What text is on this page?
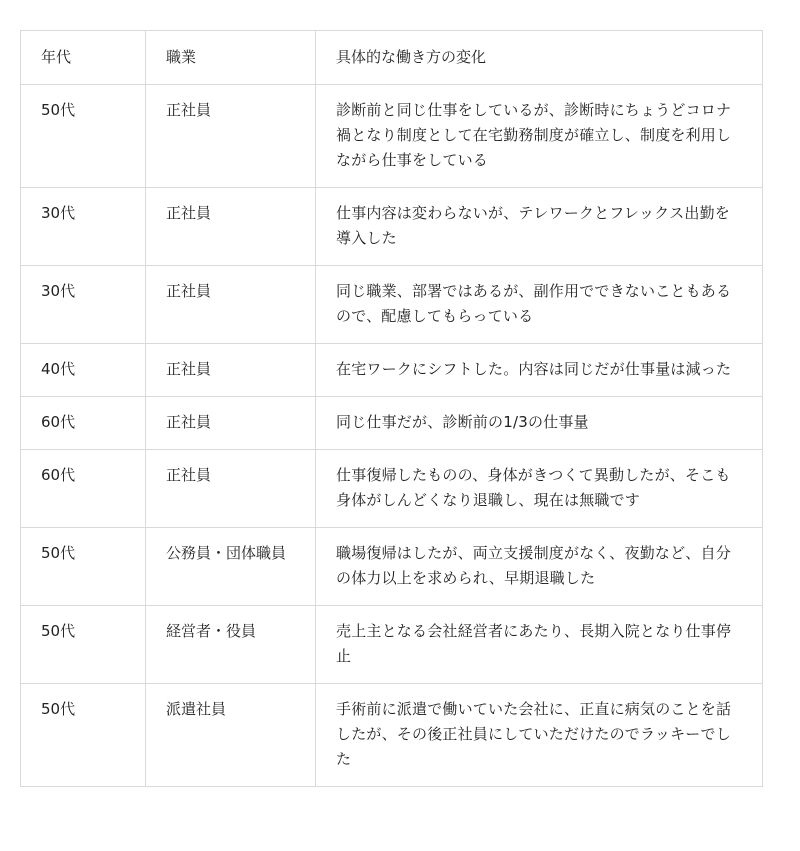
年代	職業	具体的な働き方の変化
50代	正社員	診断前と同じ仕事をしているが、診断時にちょうどコロナ禍となり制度として在宅勤務制度が確立し、制度を利用しながら仕事をしている
30代	正社員	仕事内容は変わらないが、テレワークとフレックス出勤を導入した
30代	正社員	同じ職業、部署ではあるが、副作用でできないこともあるので、配慮してもらっている
40代	正社員	在宅ワークにシフトした。内容は同じだが仕事量は減った
60代	正社員	同じ仕事だが、診断前の1/3の仕事量
60代	正社員	仕事復帰したものの、身体がきつくて異動したが、そこも身体がしんどくなり退職し、現在は無職です
50代	公務員・団体職員	職場復帰はしたが、両立支援制度がなく、夜勤など、自分の体力以上を求められ、早期退職した
50代	経営者・役員	売上主となる会社経営者にあたり、長期入院となり仕事停止
50代	派遣社員	手術前に派遣で働いていた会社に、正直に病気のことを話したが、その後正社員にしていただけたのでラッキーでした
